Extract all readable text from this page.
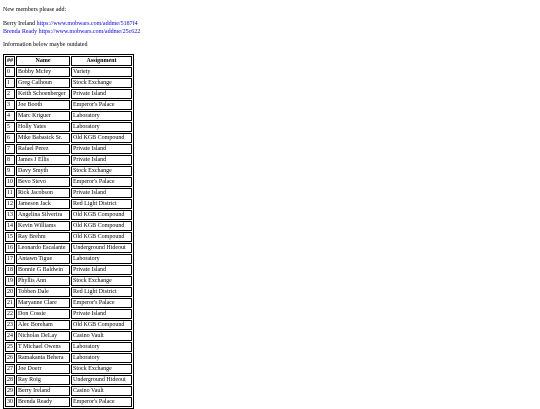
New members please add:

Berry Ireland https://www.mobwars.com/addme/5187f4

Brenda Ready https://www.mobwars.com/addme/25c622

Information below maybe outdated

##	Name	Assignment
0	Bobby Mcfey	Variety
1	Greg Calhoun	Stock Exchange
2	Keith Schoenberger	Private Island
3	Joe Booth	Emperor's Palace
4	Marc Kriguer	Laboratory
5	Holly Yates	Laboratory
6	Mike Babasick Sr.	Old KGB Compound
7	Rafael Perez	Private Island
8	James J Ellis	Private Island
9	Davy Smyth	Stock Exchange
10	Bevo Stevo	Emperor's Palace
11	Rick Jacobson	Private Island
12	Jameson Jack	Red Light District
13	Angelina Silverira	Old KGB Compound
14	Kevin Williams	Old KGB Compound
15	Ray Brehm	Old KGB Compound
16	Leonardo Escalante	Underground Hideout
17	Antawn Tigue	Laboratory
18	Bonnie G Baldwin	Private Island
19	Phyllis Ann	Stock Exchange
20	Tobben Dale	Red Light District
21	Maryanne Clare	Emperor's Palace
22	Don Cossie	Private Island
23	Alec Boreham	Old KGB Compound
24	Nicholas DeLay	Casino Vault
25	T Michael Owens	Laboratory
26	Ramakanta Behera	Laboratory
27	Joe Doerr	Stock Exchange
28	Ray Roig	Underground Hideout
29	Berry Ireland	Casino Vault
30	Brenda Ready	Emperor's Palace
